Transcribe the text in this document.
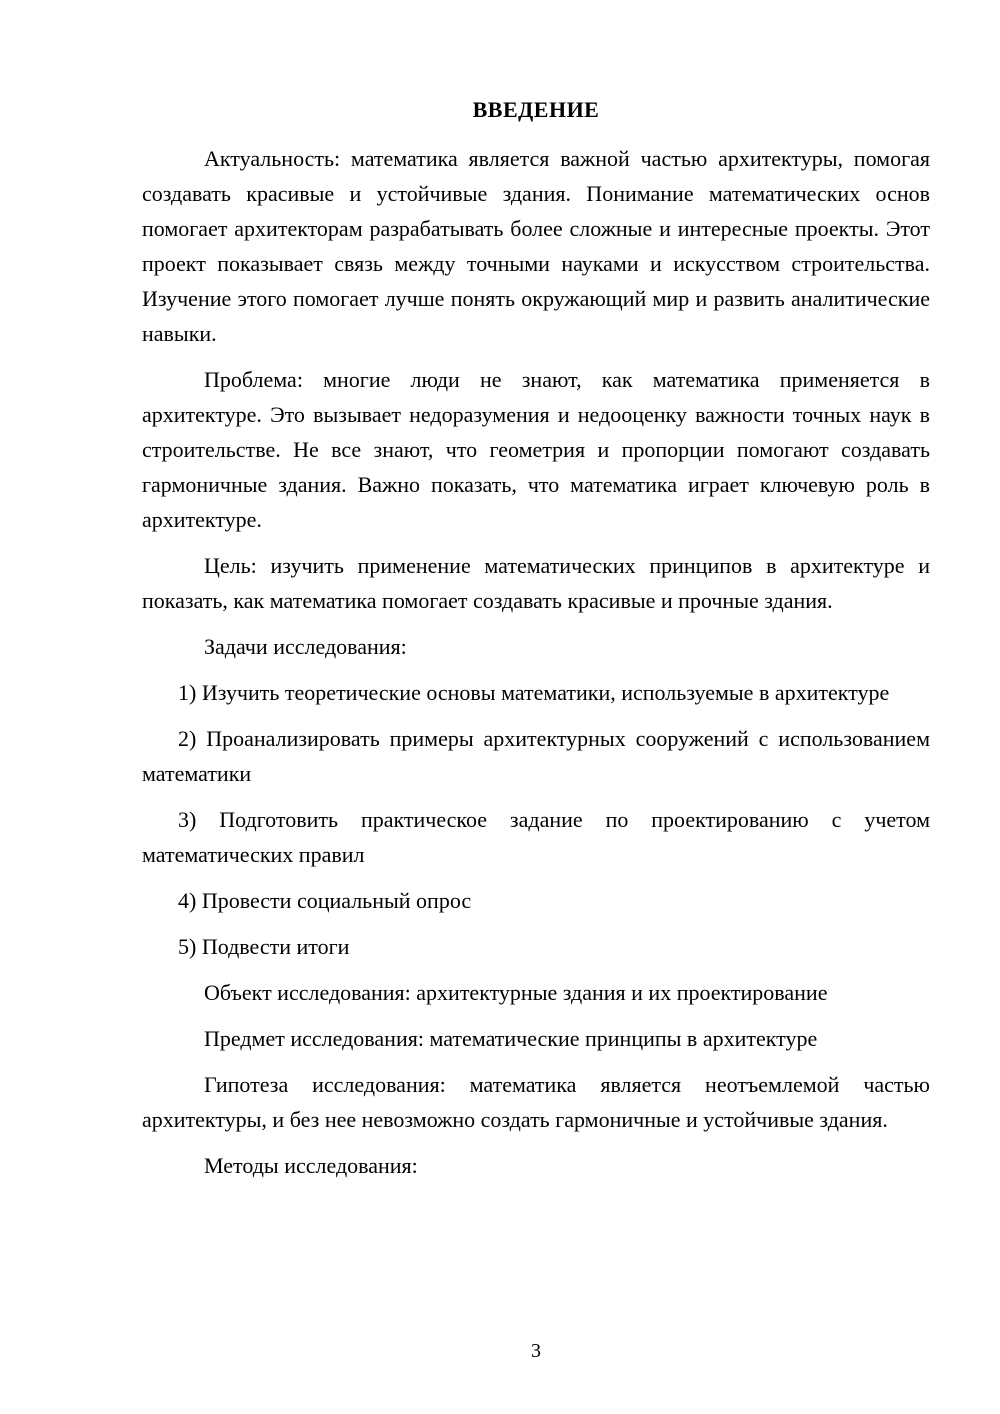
ВВЕДЕНИЕ

Актуальность: математика является важной частью архитектуры, помогая создавать красивые и устойчивые здания. Понимание математических основ помогает архитекторам разрабатывать более сложные и интересные проекты. Этот проект показывает связь между точными науками и искусством строительства. Изучение этого помогает лучше понять окружающий мир и развить аналитические навыки.

Проблема: многие люди не знают, как математика применяется в архитектуре. Это вызывает недоразумения и недооценку важности точных наук в строительстве. Не все знают, что геометрия и пропорции помогают создавать гармоничные здания. Важно показать, что математика играет ключевую роль в архитектуре.

Цель: изучить применение математических принципов в архитектуре и показать, как математика помогает создавать красивые и прочные здания.

Задачи исследования:

1) Изучить теоретические основы математики, используемые в архитектуре

2) Проанализировать примеры архитектурных сооружений с использованием математики

3) Подготовить практическое задание по проектированию с учетом математических правил

4) Провести социальный опрос

5) Подвести итоги

Объект исследования: архитектурные здания и их проектирование

Предмет исследования: математические принципы в архитектуре

Гипотеза исследования: математика является неотъемлемой частью архитектуры, и без нее невозможно создать гармоничные и устойчивые здания.

Методы исследования:

3
